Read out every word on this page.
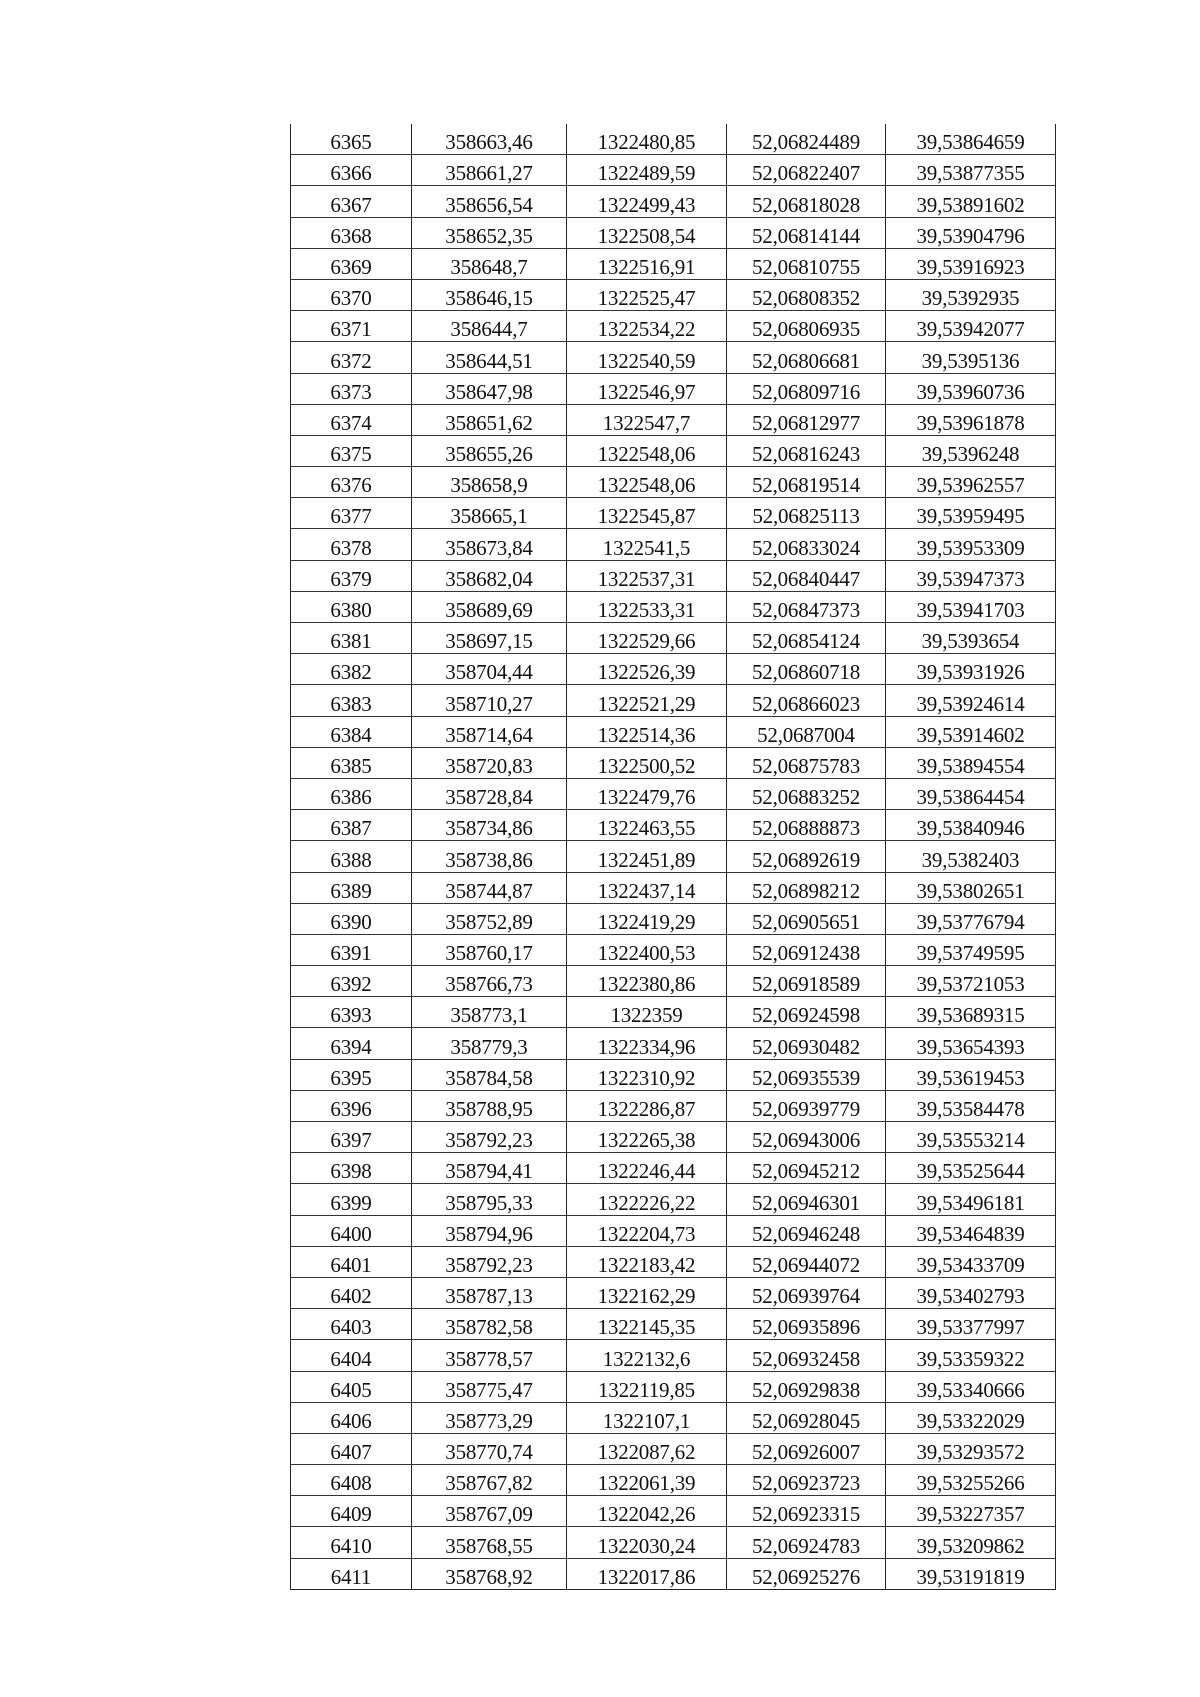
6365	358663,46	1322480,85	52,06824489	39,53864659
6366	358661,27	1322489,59	52,06822407	39,53877355
6367	358656,54	1322499,43	52,06818028	39,53891602
6368	358652,35	1322508,54	52,06814144	39,53904796
6369	358648,7	1322516,91	52,06810755	39,53916923
6370	358646,15	1322525,47	52,06808352	39,5392935
6371	358644,7	1322534,22	52,06806935	39,53942077
6372	358644,51	1322540,59	52,06806681	39,5395136
6373	358647,98	1322546,97	52,06809716	39,53960736
6374	358651,62	1322547,7	52,06812977	39,53961878
6375	358655,26	1322548,06	52,06816243	39,5396248
6376	358658,9	1322548,06	52,06819514	39,53962557
6377	358665,1	1322545,87	52,06825113	39,53959495
6378	358673,84	1322541,5	52,06833024	39,53953309
6379	358682,04	1322537,31	52,06840447	39,53947373
6380	358689,69	1322533,31	52,06847373	39,53941703
6381	358697,15	1322529,66	52,06854124	39,5393654
6382	358704,44	1322526,39	52,06860718	39,53931926
6383	358710,27	1322521,29	52,06866023	39,53924614
6384	358714,64	1322514,36	52,0687004	39,53914602
6385	358720,83	1322500,52	52,06875783	39,53894554
6386	358728,84	1322479,76	52,06883252	39,53864454
6387	358734,86	1322463,55	52,06888873	39,53840946
6388	358738,86	1322451,89	52,06892619	39,5382403
6389	358744,87	1322437,14	52,06898212	39,53802651
6390	358752,89	1322419,29	52,06905651	39,53776794
6391	358760,17	1322400,53	52,06912438	39,53749595
6392	358766,73	1322380,86	52,06918589	39,53721053
6393	358773,1	1322359	52,06924598	39,53689315
6394	358779,3	1322334,96	52,06930482	39,53654393
6395	358784,58	1322310,92	52,06935539	39,53619453
6396	358788,95	1322286,87	52,06939779	39,53584478
6397	358792,23	1322265,38	52,06943006	39,53553214
6398	358794,41	1322246,44	52,06945212	39,53525644
6399	358795,33	1322226,22	52,06946301	39,53496181
6400	358794,96	1322204,73	52,06946248	39,53464839
6401	358792,23	1322183,42	52,06944072	39,53433709
6402	358787,13	1322162,29	52,06939764	39,53402793
6403	358782,58	1322145,35	52,06935896	39,53377997
6404	358778,57	1322132,6	52,06932458	39,53359322
6405	358775,47	1322119,85	52,06929838	39,53340666
6406	358773,29	1322107,1	52,06928045	39,53322029
6407	358770,74	1322087,62	52,06926007	39,53293572
6408	358767,82	1322061,39	52,06923723	39,53255266
6409	358767,09	1322042,26	52,06923315	39,53227357
6410	358768,55	1322030,24	52,06924783	39,53209862
6411	358768,92	1322017,86	52,06925276	39,53191819
